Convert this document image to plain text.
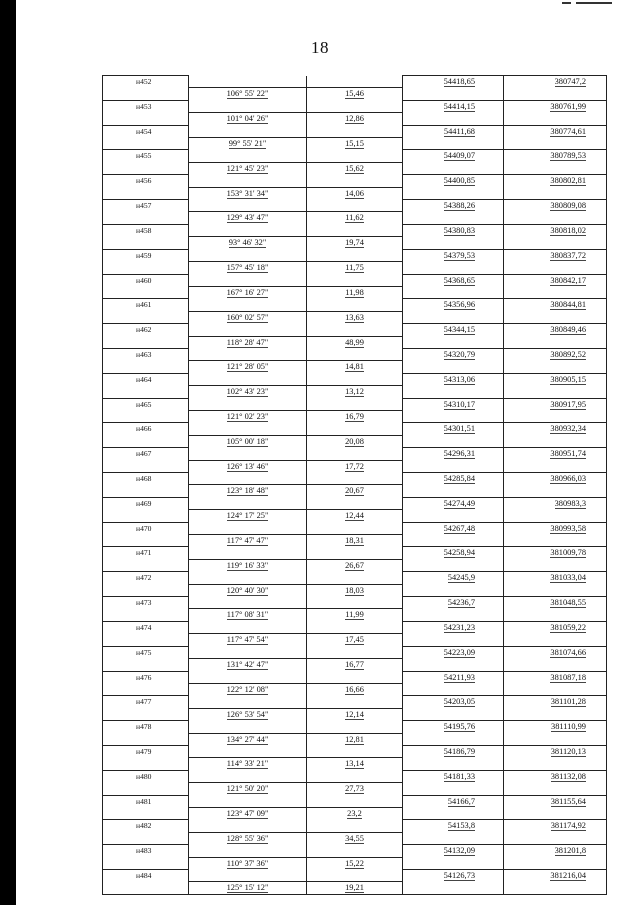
18
н452			54418,65	380747,2
	106° 55' 22"	15,46		
н453			54414,15	380761,99
	101° 04' 26"	12,86		
н454			54411,68	380774,61
	99° 55' 21"	15,15		
н455			54409,07	380789,53
	121° 45' 23"	15,62		
н456			54400,85	380802,81
	153° 31' 34"	14,06		
н457			54388,26	380809,08
	129° 43' 47"	11,62		
н458			54380,83	380818,02
	93° 46' 32"	19,74		
н459			54379,53	380837,72
	157° 45' 18"	11,75		
н460			54368,65	380842,17
	167° 16' 27"	11,98		
н461			54356,96	380844,81
	160° 02' 57"	13,63		
н462			54344,15	380849,46
	118° 28' 47"	48,99		
н463			54320,79	380892,52
	121° 28' 05"	14,81		
н464			54313,06	380905,15
	102° 43' 23"	13,12		
н465			54310,17	380917,95
	121° 02' 23"	16,79		
н466			54301,51	380932,34
	105° 00' 18"	20,08		
н467			54296,31	380951,74
	126° 13' 46"	17,72		
н468			54285,84	380966,03
	123° 18' 48"	20,67		
н469			54274,49	380983,3
	124° 17' 25"	12,44		
н470			54267,48	380993,58
	117° 47' 47"	18,31		
н471			54258,94	381009,78
	119° 16' 33"	26,67		
н472			54245,9	381033,04
	120° 40' 30"	18,03		
н473			54236,7	381048,55
	117° 08' 31"	11,99		
н474			54231,23	381059,22
	117° 47' 54"	17,45		
н475			54223,09	381074,66
	131° 42' 47"	16,77		
н476			54211,93	381087,18
	122° 12' 08"	16,66		
н477			54203,05	381101,28
	126° 53' 54"	12,14		
н478			54195,76	381110,99
	134° 27' 44"	12,81		
н479			54186,79	381120,13
	114° 33' 21"	13,14		
н480			54181,33	381132,08
	121° 50' 20"	27,73		
н481			54166,7	381155,64
	123° 47' 09"	23,2		
н482			54153,8	381174,92
	128° 55' 36"	34,55		
н483			54132,09	381201,8
	110° 37' 36"	15,22		
н484			54126,73	381216,04
	125° 15' 12"	19,21		
